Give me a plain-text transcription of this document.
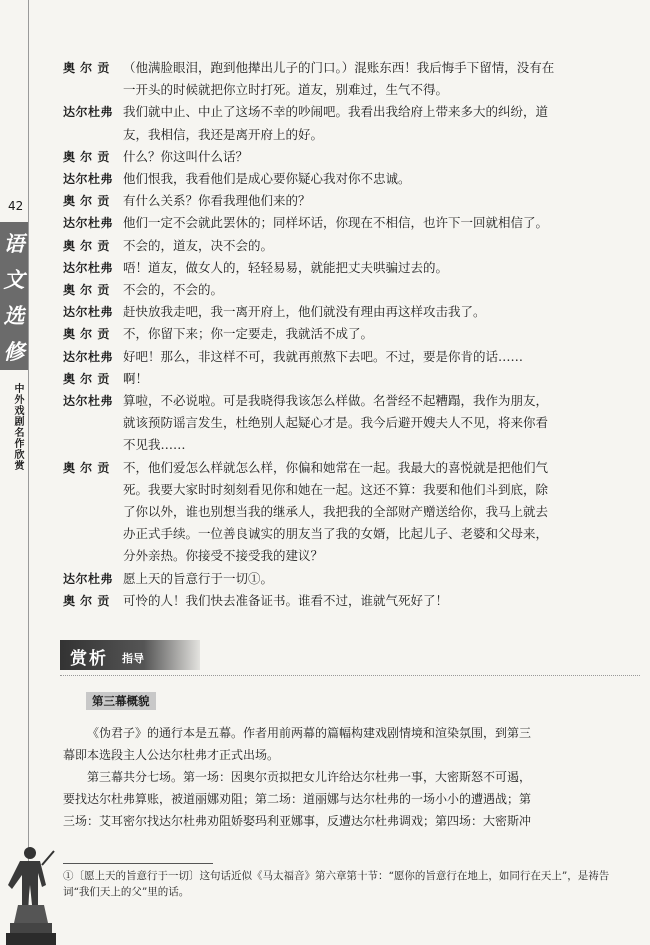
42
语
文
选
修
中外戏剧名作欣赏
奥 尔 贡	（他满脸眼泪，跑到他撵出儿子的门口。）混账东西！我后悔手下留情，没有在
一开头的时候就把你立时打死。道友，别难过，生气不得。
达尔杜弗 我们就中止、中止了这场不幸的吵闹吧。我看出我给府上带来多大的纠纷，道
友，我相信，我还是离开府上的好。
奥 尔 贡	什么？你这叫什么话？
达尔杜弗 他们恨我，我看他们是成心要你疑心我对你不忠诚。
奥 尔 贡	有什么关系？你看我理他们来的？
达尔杜弗 他们一定不会就此罢休的；同样坏话，你现在不相信，也许下一回就相信了。
奥 尔 贡	不会的，道友，决不会的。
达尔杜弗 唔！道友，做女人的，轻轻易易，就能把丈夫哄骗过去的。
奥 尔 贡	不会的，不会的。
达尔杜弗 赶快放我走吧，我一离开府上，他们就没有理由再这样攻击我了。
奥 尔 贡	不，你留下来；你一定要走，我就活不成了。
达尔杜弗 好吧！那么，非这样不可，我就再煎熬下去吧。不过，要是你肯的话……
奥 尔 贡	啊！
达尔杜弗 算啦，不必说啦。可是我晓得我该怎么样做。名誉经不起糟蹋，我作为朋友，
就该预防谣言发生，杜绝别人起疑心才是。我今后避开嫂夫人不见，将来你看
不见我……
奥 尔 贡	不，他们爱怎么样就怎么样，你偏和她常在一起。我最大的喜悦就是把他们气
死。我要大家时时刻刻看见你和她在一起。这还不算：我要和他们斗到底，除
了你以外，谁也别想当我的继承人，我把我的全部财产赠送给你，我马上就去
办正式手续。一位善良诚实的朋友当了我的女婿，比起儿子、老婆和父母来，
分外亲热。你接受不接受我的建议？
达尔杜弗 愿上天的旨意行于一切①。
奥 尔 贡	可怜的人！我们快去准备证书。谁看不过，谁就气死好了！
赏析 指导
第三幕概貌

《伪君子》的通行本是五幕。作者用前两幕的篇幅构建戏剧情境和渲染氛围，到第三
幕即本选段主人公达尔杜弗才正式出场。

第三幕共分七场。第一场：因奥尔贡拟把女儿许给达尔杜弗一事，大密斯怒不可遏，
要找达尔杜弗算账，被道丽娜劝阻；第二场：道丽娜与达尔杜弗的一场小小的遭遇战；第
三场：艾耳密尔找达尔杜弗劝阻娇娶玛利亚娜事，反遭达尔杜弗调戏；第四场：大密斯冲

①〔愿上天的旨意行于一切〕这句话近似《马太福音》第六章第十节：“愿你的旨意行在地上，如同行在天上”，是祷告
词“我们天上的父”里的话。
